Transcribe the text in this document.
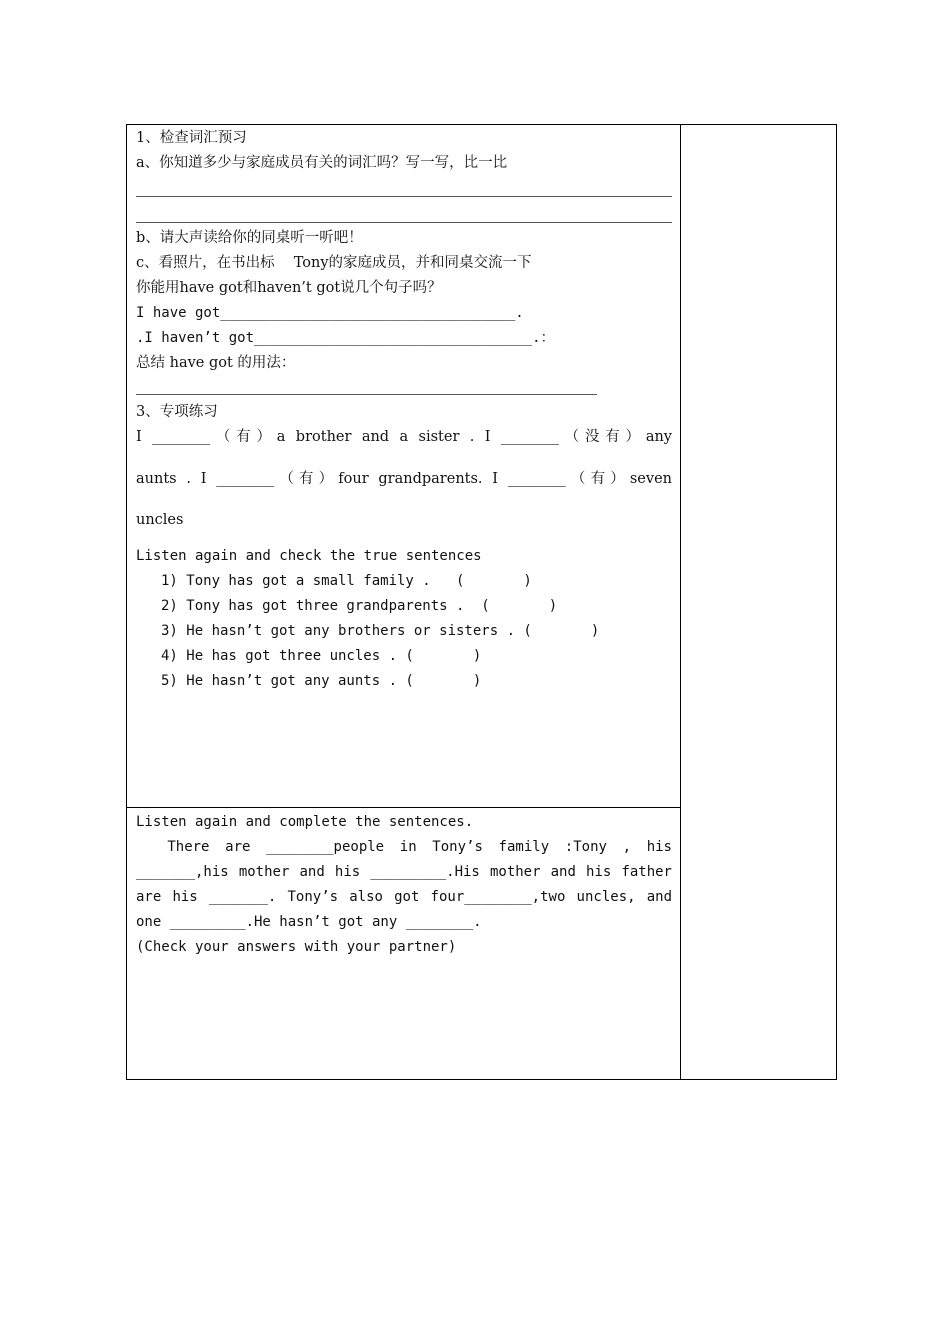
1、检查词汇预习
a、你知道多少与家庭成员有关的词汇吗？写一写，比一比
b、请大声读给你的同桌听一听吧！
c、看照片，在书出标　 Tony的家庭成员，并和同桌交流一下
你能用have got和haven’t got说几个句子吗？
I have got___________________________________.
.I haven’t got_________________________________.：
总结 have got 的用法：
3、专项练习
I ________（有）a brother and a sister . I ________（没有）any
aunts . I ________（有）four grandparents. I ________（有）seven
uncles
Listen again and check the true sentences
1) Tony has got a small family .   (       )
2) Tony has got three grandparents .  (       )
3) He hasn’t got any brothers or sisters . (       )
4) He has got three uncles . (       )
5) He hasn’t got any aunts . (       )
Listen again and complete the sentences.
There are ________people in Tony’s family :Tony , his
_______,his mother and his _________.His mother and his father
are his _______. Tony’s also got four________,two uncles, and
one _________.He hasn’t got any ________.
(Check your answers with your partner)
